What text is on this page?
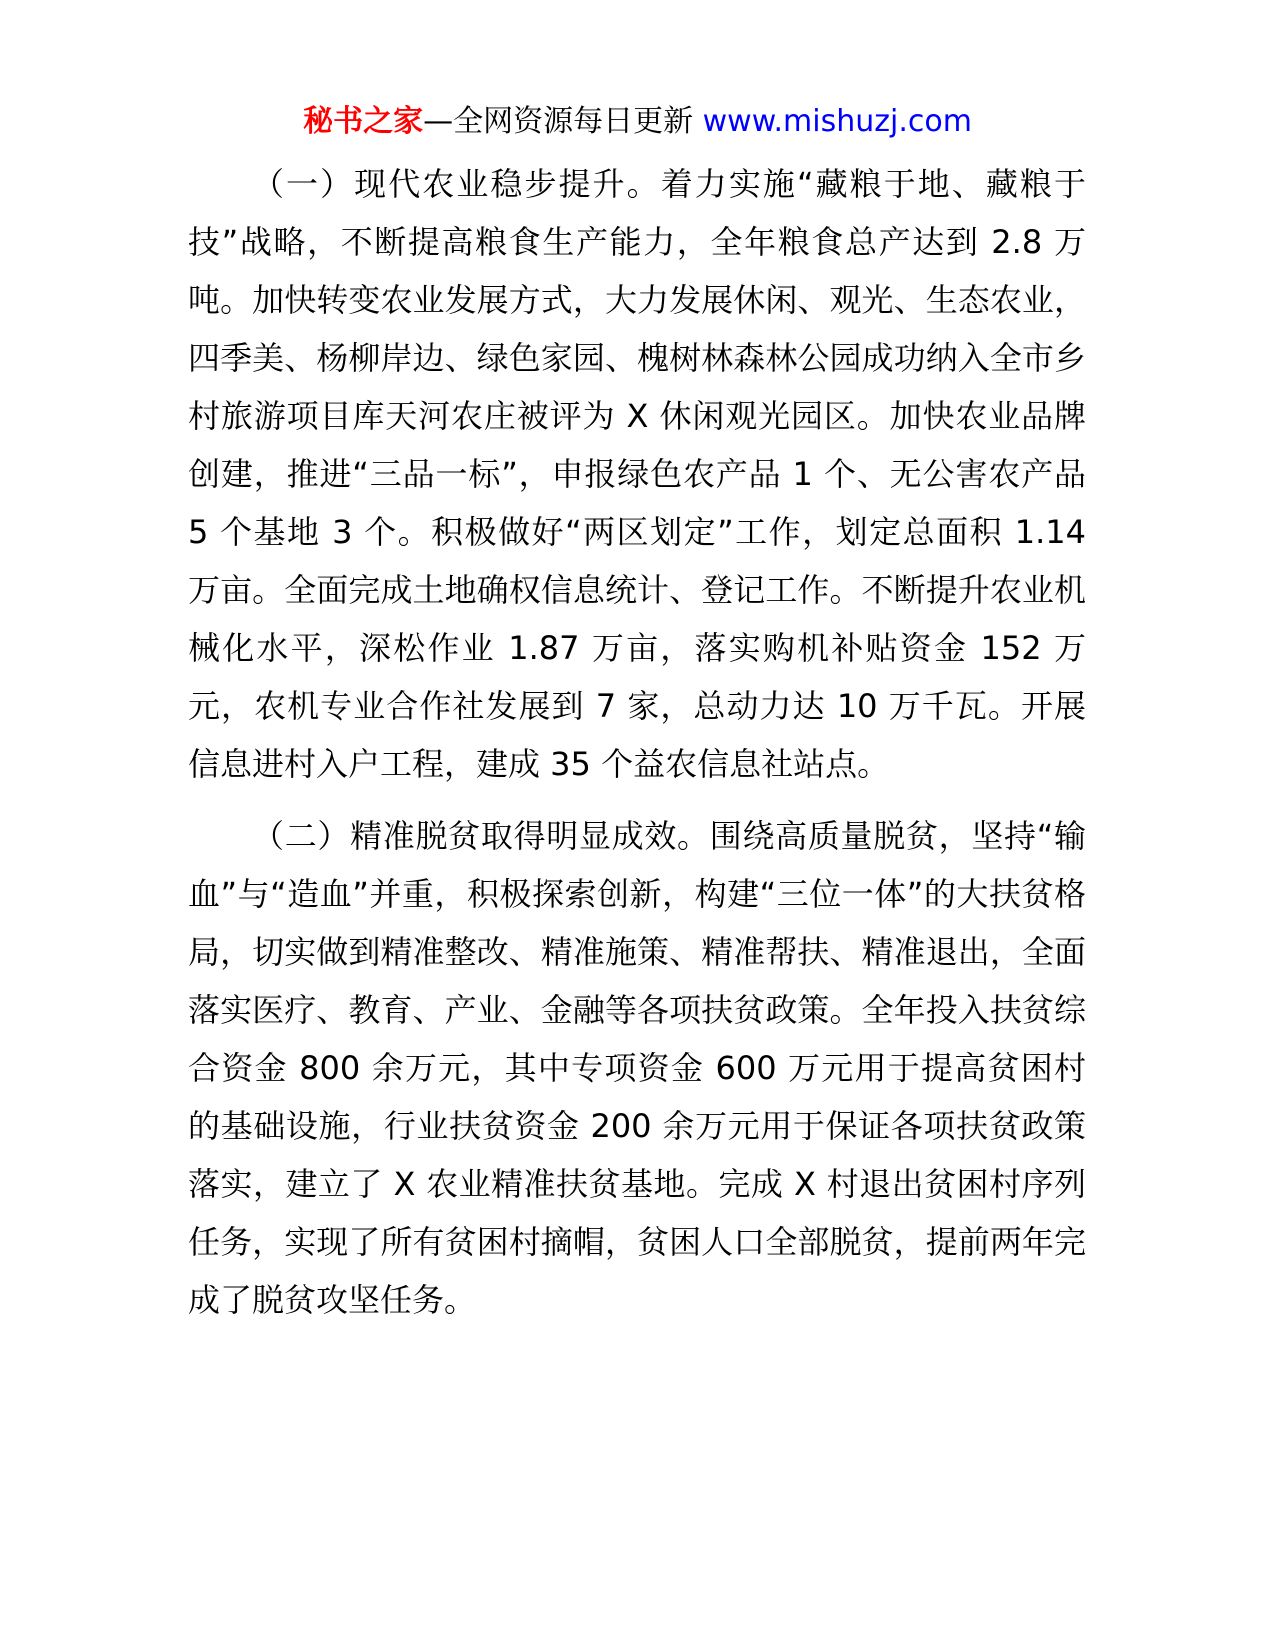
秘书之家—全网资源每日更新 www.mishuzj.com

（一）现代农业稳步提升。着力实施“藏粮于地、藏粮于技”战略，不断提高粮食生产能力，全年粮食总产达到 2.8 万吨。加快转变农业发展方式，大力发展休闲、观光、生态农业，四季美、杨柳岸边、绿色家园、槐树林森林公园成功纳入全市乡村旅游项目库天河农庄被评为 X 休闲观光园区。加快农业品牌创建，推进“三品一标”，申报绿色农产品 1 个、无公害农产品 5 个基地 3 个。积极做好“两区划定”工作，划定总面积 1.14 万亩。全面完成土地确权信息统计、登记工作。不断提升农业机械化水平，深松作业 1.87 万亩，落实购机补贴资金 152 万元，农机专业合作社发展到 7 家，总动力达 10 万千瓦。开展信息进村入户工程，建成 35 个益农信息社站点。

（二）精准脱贫取得明显成效。围绕高质量脱贫，坚持“输血”与“造血”并重，积极探索创新，构建“三位一体”的大扶贫格局，切实做到精准整改、精准施策、精准帮扶、精准退出，全面落实医疗、教育、产业、金融等各项扶贫政策。全年投入扶贫综合资金 800 余万元，其中专项资金 600 万元用于提高贫困村的基础设施，行业扶贫资金 200 余万元用于保证各项扶贫政策落实，建立了 X 农业精准扶贫基地。完成 X 村退出贫困村序列任务，实现了所有贫困村摘帽，贫困人口全部脱贫，提前两年完成了脱贫攻坚任务。
